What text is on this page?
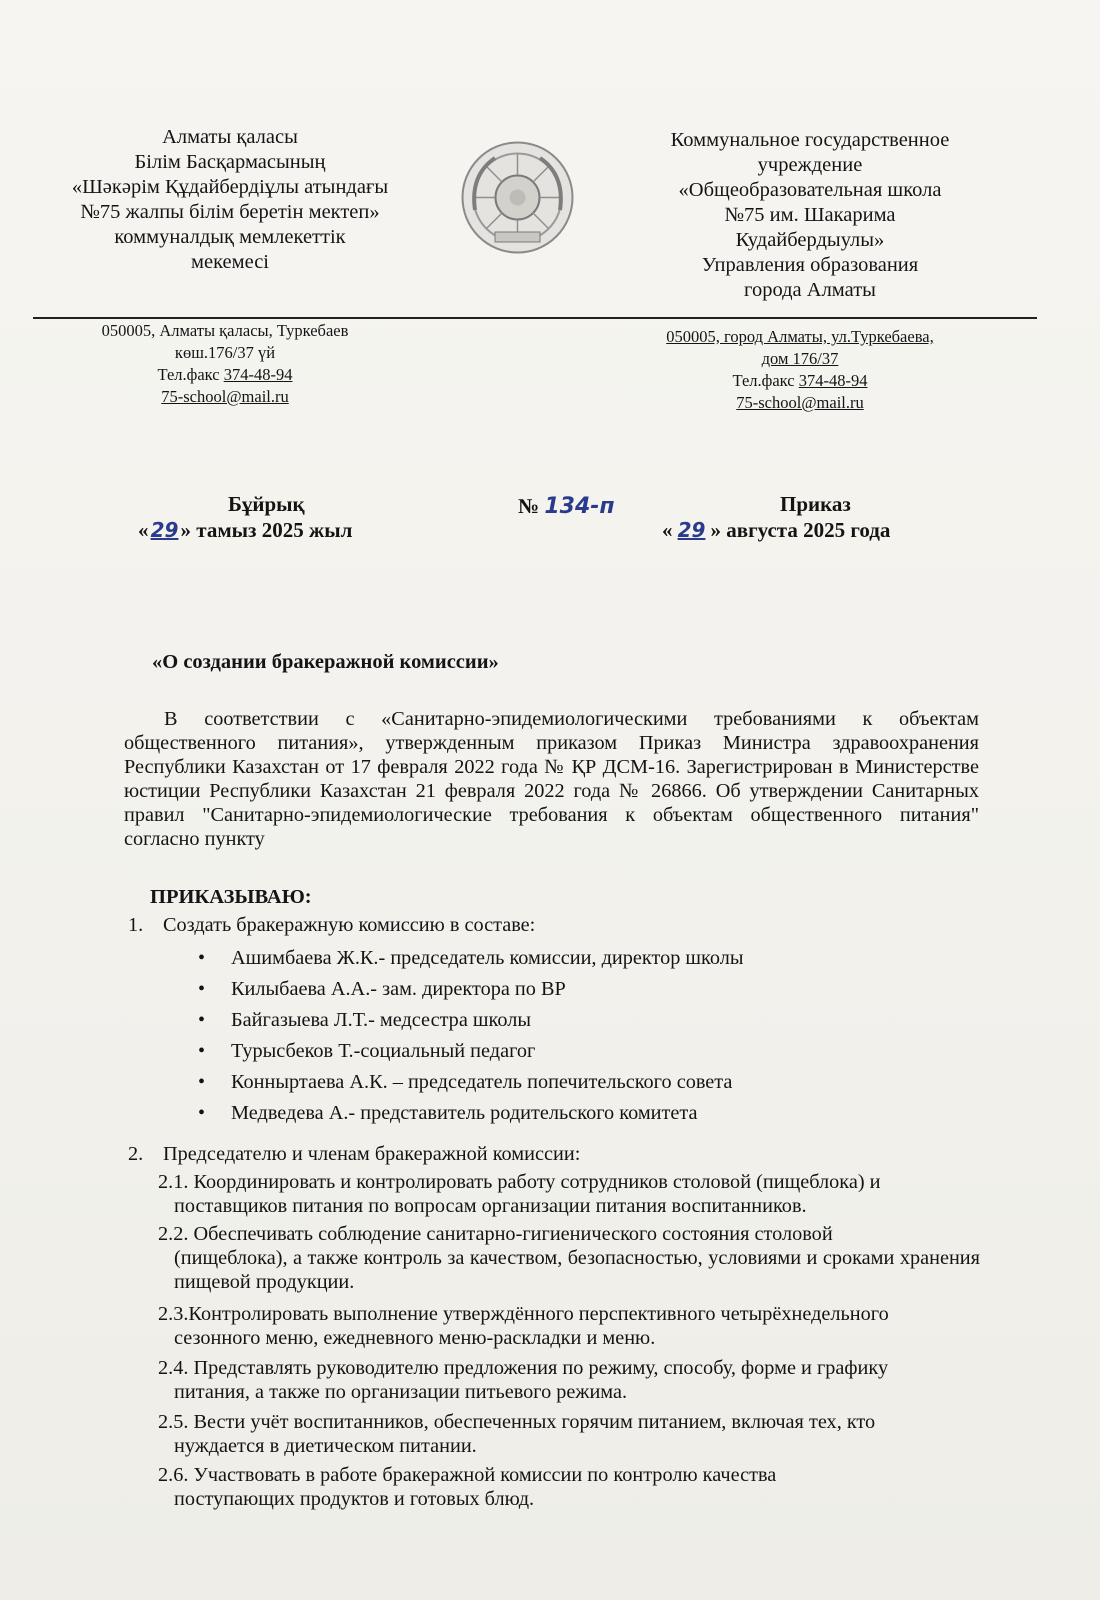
Алматы қаласы
Білім Басқармасының
«Шәкәрім Құдайбердіұлы атындағы
№75 жалпы білім беретін мектеп»
коммуналдық мемлекеттік
мекемесі
Коммунальное государственное
учреждение
«Общеобразовательная школа
№75 им. Шакарима
Кудайбердыулы»
Управления образования
города Алматы
050005, Алматы қаласы, Туркебаев
көш.176/37 үй
Тел.факс 374-48-94
75-school@mail.ru
050005, город Алматы, ул.Туркебаева,
дом 176/37
Тел.факс 374-48-94
75-school@mail.ru
Бұйрық
« 29» тамыз 2025 жыл
№ 134-п	Приказ
« 29 » августа 2025 года
«О создании бракеражной комиссии»
В соответствии с «Санитарно-эпидемиологическими требованиями к объектам общественного питания», утвержденным приказом Приказ Министра здравоохранения Республики Казахстан от 17 февраля 2022 года № ҚР ДСМ-16. Зарегистрирован в Министерстве юстиции Республики Казахстан 21 февраля 2022 года № 26866. Об утверждении Санитарных правил "Санитарно-эпидемиологические требования к объектам общественного питания" согласно пункту
ПРИКАЗЫВАЮ:
1. Создать бракеражную комиссию в составе:
• Ашимбаева Ж.К.- председатель комиссии, директор школы
• Килыбаева А.А.- зам. директора по ВР
• Байгазыева Л.Т.- медсестра школы
• Турысбеков Т.-социальный педагог
• Конныртаева А.К. – председатель попечительского совета
• Медведева А.- представитель родительского комитета
2. Председателю и членам бракеражной комиссии:
2.1. Координировать и контролировать работу сотрудников столовой (пищеблока) и
поставщиков питания по вопросам организации питания воспитанников.
2.2. Обеспечивать соблюдение санитарно-гигиенического состояния столовой
(пищеблока), а также контроль за качеством, безопасностью, условиями и сроками хранения пищевой продукции.
2.3.Контролировать выполнение утверждённого перспективного четырёхнедельного
сезонного меню, ежедневного меню-раскладки и меню.
2.4. Представлять руководителю предложения по режиму, способу, форме и графику
питания, а также по организации питьевого режима.
2.5. Вести учёт воспитанников, обеспеченных горячим питанием, включая тех, кто
нуждается в диетическом питании.
2.6. Участвовать в работе бракеражной комиссии по контролю качества
поступающих продуктов и готовых блюд.
